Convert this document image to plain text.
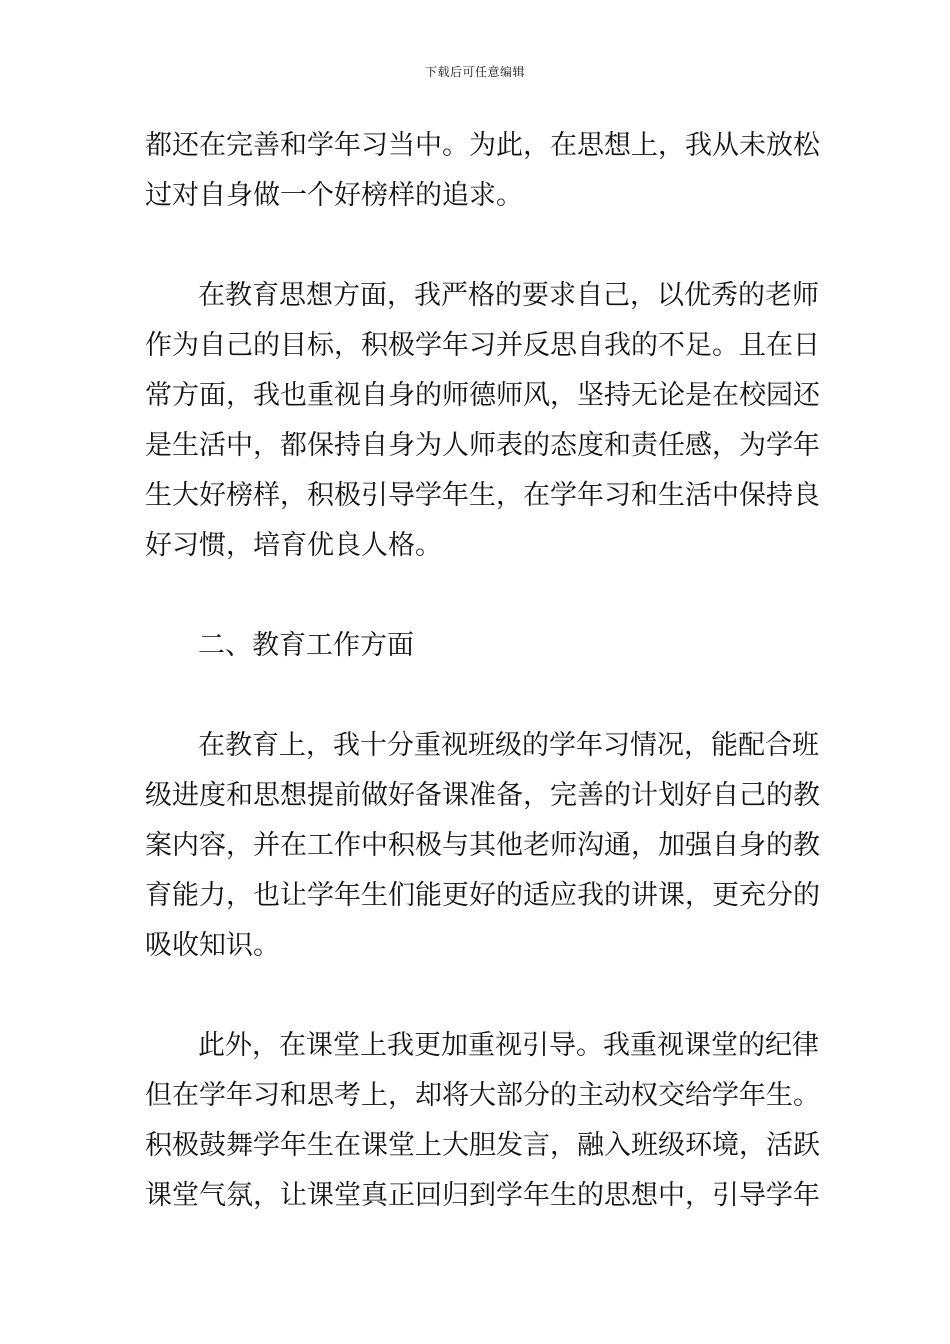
下载后可任意编辑
都还在完善和学年习当中。为此，在思想上，我从未放松
过对自身做一个好榜样的追求。
在教育思想方面，我严格的要求自己，以优秀的老师
作为自己的目标，积极学年习并反思自我的不足。且在日
常方面，我也重视自身的师德师风，坚持无论是在校园还
是生活中，都保持自身为人师表的态度和责任感，为学年
生大好榜样，积极引导学年生，在学年习和生活中保持良
好习惯，培育优良人格。
二、教育工作方面
在教育上，我十分重视班级的学年习情况，能配合班
级进度和思想提前做好备课准备，完善的计划好自己的教
案内容，并在工作中积极与其他老师沟通，加强自身的教
育能力，也让学年生们能更好的适应我的讲课，更充分的
吸收知识。
此外，在课堂上我更加重视引导。我重视课堂的纪律
但在学年习和思考上，却将大部分的主动权交给学年生。
积极鼓舞学年生在课堂上大胆发言，融入班级环境，活跃
课堂气氛，让课堂真正回归到学年生的思想中，引导学年
